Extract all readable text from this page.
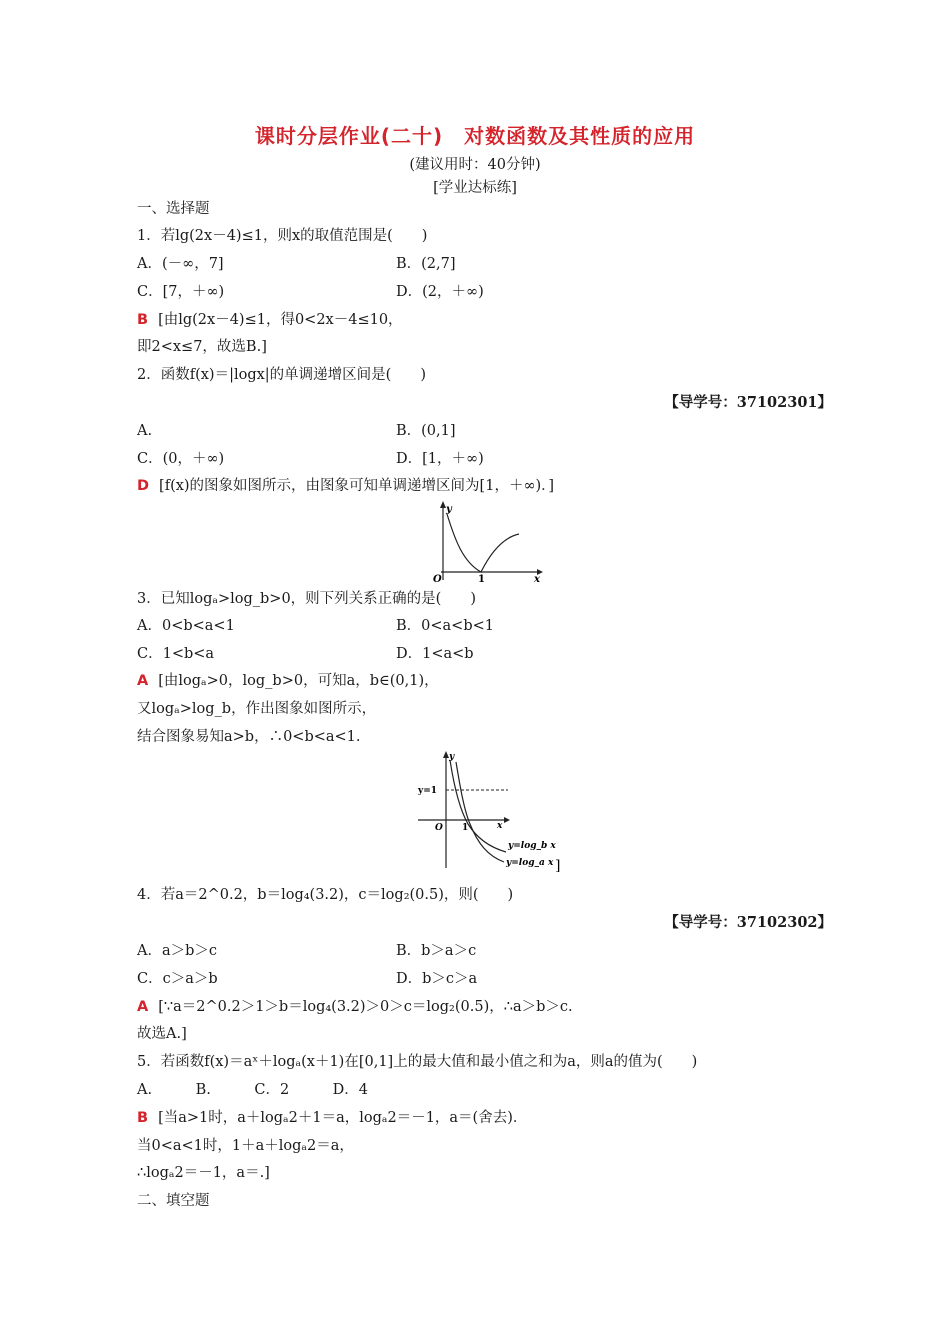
课时分层作业(二十)　对数函数及其性质的应用
(建议用时：40分钟)
[学业达标练]
一、选择题
1．若lg(2x－4)≤1，则x的取值范围是(　　)
A．(－∞，7]	B．(2,7]
C．[7，＋∞)	D．(2，＋∞)
B [由lg(2x－4)≤1，得0<2x－4≤10，
即2<x≤7，故选B.]
2．函数f(x)＝|logx|的单调递增区间是(　　)
【导学号：37102301】
A.	B．(0,1]
C．(0，＋∞)	D．[1，＋∞)
D [f(x)的图象如图所示，由图象可知单调递增区间为[1，＋∞)．]
y
x
O	1
3．已知logₐ>log_b>0，则下列关系正确的是(　　)
A．0<b<a<1	B．0<a<b<1
C．1<b<a	D．1<a<b
A [由logₐ>0，log_b>0，可知a，b∈(0,1)，
又logₐ>log_b，作出图象如图所示，
结合图象易知a>b，∴0<b<a<1.
y=1
y
x
O 1
y=log_b x
y=log_a x ]
4．若a＝2^0.2，b＝log₄(3.2)，c＝log₂(0.5)，则(　　)
【导学号：37102302】
A．a＞b＞c	B．b＞a＞c
C．c＞a＞b	D．b＞c＞a
A [∵a＝2^0.2＞1＞b＝log₄(3.2)＞0＞c＝log₂(0.5)，∴a＞b＞c.
故选A.]
5．若函数f(x)＝aˣ＋logₐ(x＋1)在[0,1]上的最大值和最小值之和为a，则a的值为(　　)
A.　　　B.　　　C．2　　　D．4
B [当a>1时，a＋logₐ2＋1＝a，logₐ2＝－1，a＝(舍去)．
当0<a<1时，1＋a＋logₐ2＝a，
∴logₐ2＝－1，a＝.]
二、填空题
